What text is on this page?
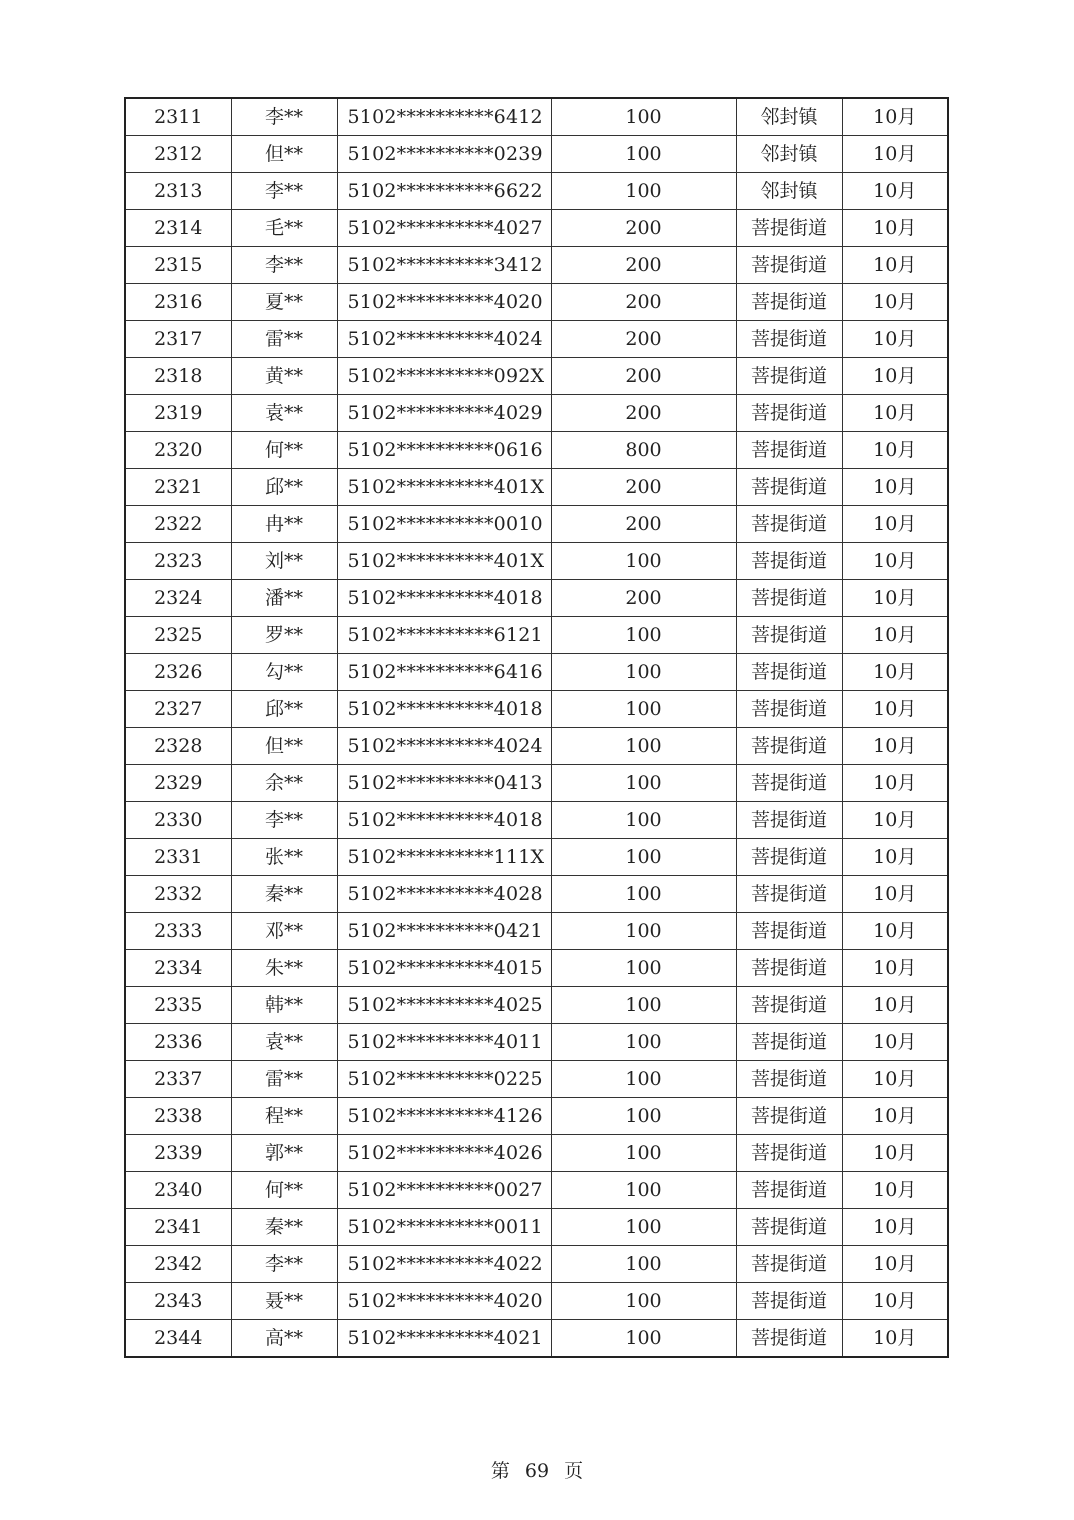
2311	李**	5102**********6412	100	邻封镇	10月
2312	但**	5102**********0239	100	邻封镇	10月
2313	李**	5102**********6622	100	邻封镇	10月
2314	毛**	5102**********4027	200	菩提街道	10月
2315	李**	5102**********3412	200	菩提街道	10月
2316	夏**	5102**********4020	200	菩提街道	10月
2317	雷**	5102**********4024	200	菩提街道	10月
2318	黄**	5102**********092X	200	菩提街道	10月
2319	袁**	5102**********4029	200	菩提街道	10月
2320	何**	5102**********0616	800	菩提街道	10月
2321	邱**	5102**********401X	200	菩提街道	10月
2322	冉**	5102**********0010	200	菩提街道	10月
2323	刘**	5102**********401X	100	菩提街道	10月
2324	潘**	5102**********4018	200	菩提街道	10月
2325	罗**	5102**********6121	100	菩提街道	10月
2326	勾**	5102**********6416	100	菩提街道	10月
2327	邱**	5102**********4018	100	菩提街道	10月
2328	但**	5102**********4024	100	菩提街道	10月
2329	余**	5102**********0413	100	菩提街道	10月
2330	李**	5102**********4018	100	菩提街道	10月
2331	张**	5102**********111X	100	菩提街道	10月
2332	秦**	5102**********4028	100	菩提街道	10月
2333	邓**	5102**********0421	100	菩提街道	10月
2334	朱**	5102**********4015	100	菩提街道	10月
2335	韩**	5102**********4025	100	菩提街道	10月
2336	袁**	5102**********4011	100	菩提街道	10月
2337	雷**	5102**********0225	100	菩提街道	10月
2338	程**	5102**********4126	100	菩提街道	10月
2339	郭**	5102**********4026	100	菩提街道	10月
2340	何**	5102**********0027	100	菩提街道	10月
2341	秦**	5102**********0011	100	菩提街道	10月
2342	李**	5102**********4022	100	菩提街道	10月
2343	聂**	5102**********4020	100	菩提街道	10月
2344	高**	5102**********4021	100	菩提街道	10月
第 69 页
